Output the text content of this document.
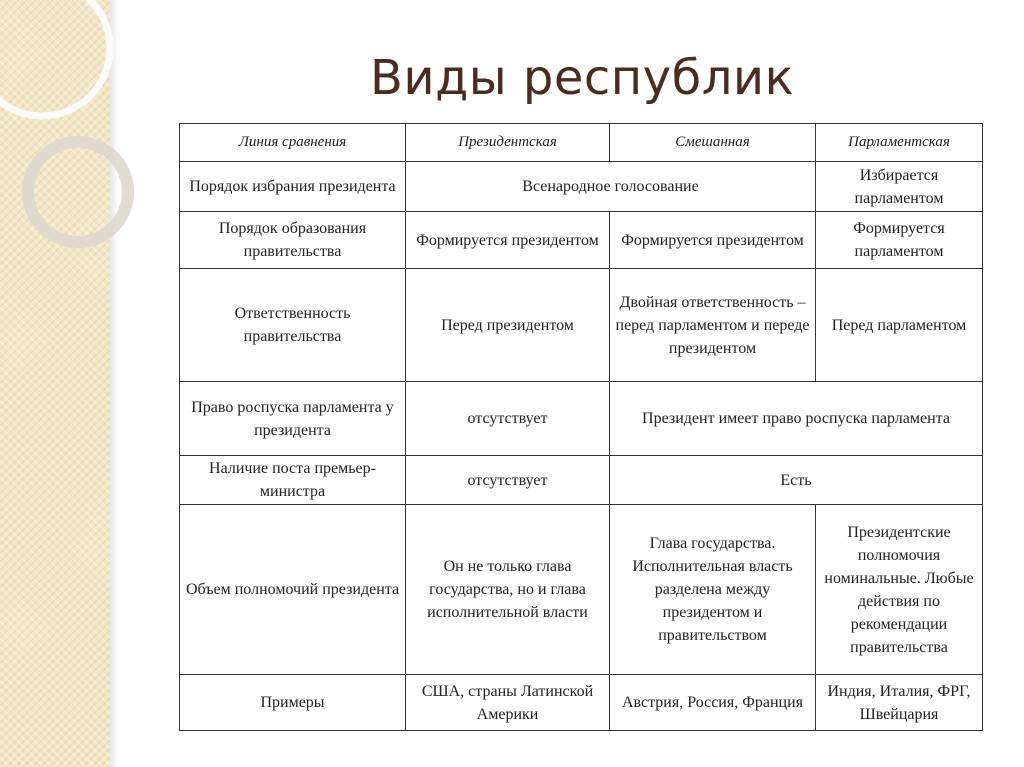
Виды республик
Линия сравнения	Президентская	Смешанная	Парламентская
Порядок избрания президента	Всенародное голосование		Избирается парламентом
Порядок образования правительства	Формируется президентом	Формируется президентом	Формируется парламентом
Ответственность правительства	Перед президентом	Двойная ответственность – перед парламентом и переде президентом	Перед парламентом
Право роспуска парламента у президента	отсутствует	Президент имеет право роспуска парламента	
Наличие поста премьер-министра	отсутствует	Есть	
Объем полномочий президента	Он не только глава государства, но и глава исполнительной власти	Глава государства. Исполнительная власть разделена между президентом и правительством	Президентские полномочия номинальные. Любые действия по рекомендации правительства
Примеры	США, страны Латинской Америки	Австрия, Россия, Франция	Индия, Италия, ФРГ, Швейцария
